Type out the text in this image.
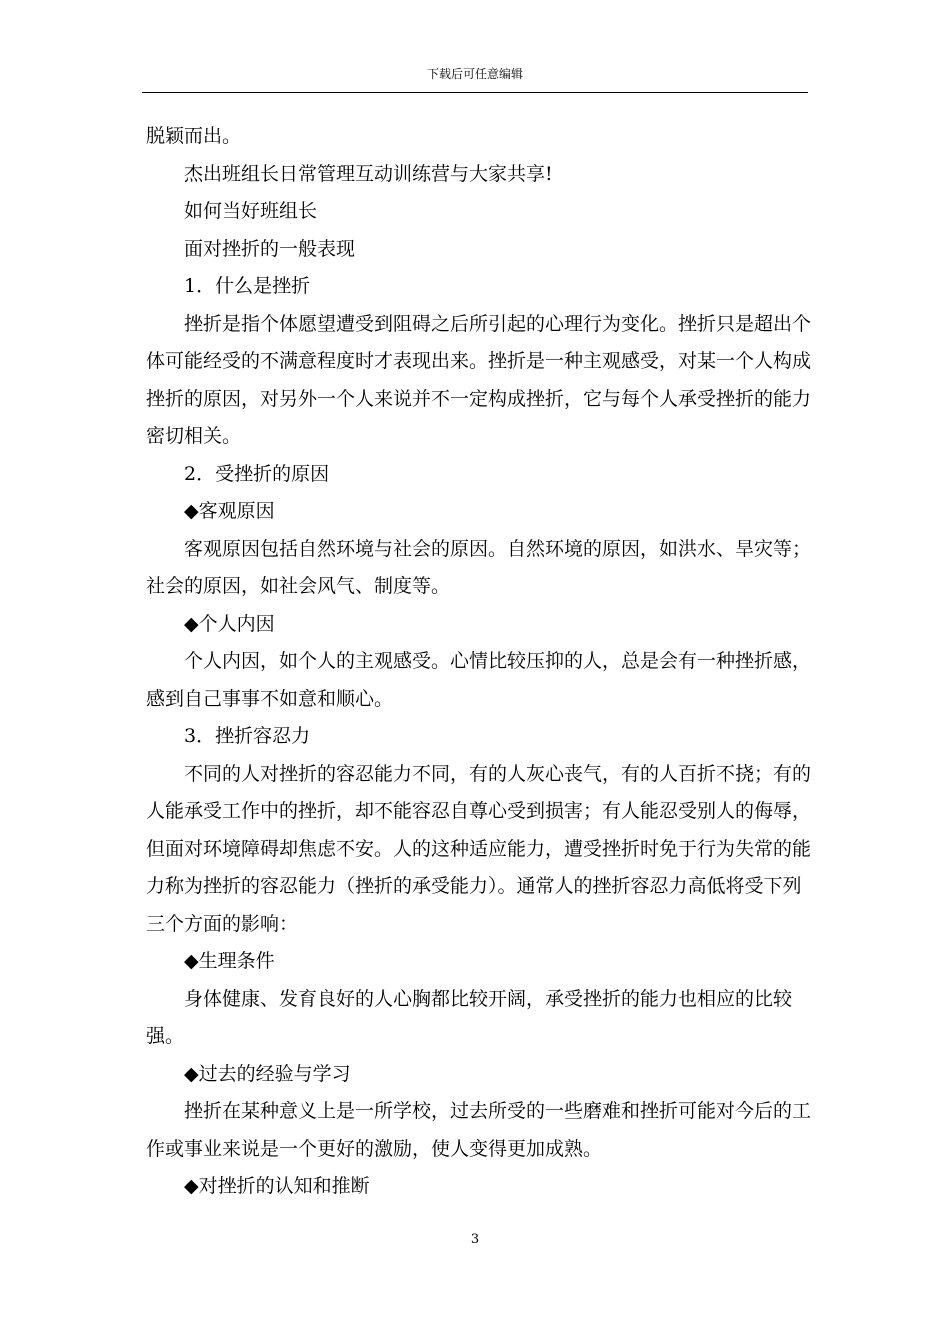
下载后可任意编辑

脱颖而出。

杰出班组长日常管理互动训练营与大家共享!

如何当好班组长

面对挫折的一般表现

1．什么是挫折

挫折是指个体愿望遭受到阻碍之后所引起的心理行为变化。挫折只是超出个体可能经受的不满意程度时才表现出来。挫折是一种主观感受，对某一个人构成挫折的原因，对另外一个人来说并不一定构成挫折，它与每个人承受挫折的能力密切相关。

2．受挫折的原因

◆客观原因

客观原因包括自然环境与社会的原因。自然环境的原因，如洪水、旱灾等；社会的原因，如社会风气、制度等。

◆个人内因

个人内因，如个人的主观感受。心情比较压抑的人，总是会有一种挫折感，感到自己事事不如意和顺心。

3．挫折容忍力

不同的人对挫折的容忍能力不同，有的人灰心丧气，有的人百折不挠；有的人能承受工作中的挫折，却不能容忍自尊心受到损害；有人能忍受别人的侮辱，但面对环境障碍却焦虑不安。人的这种适应能力，遭受挫折时免于行为失常的能力称为挫折的容忍能力（挫折的承受能力）。通常人的挫折容忍力高低将受下列三个方面的影响：

◆生理条件

身体健康、发育良好的人心胸都比较开阔，承受挫折的能力也相应的比较强。

◆过去的经验与学习

挫折在某种意义上是一所学校，过去所受的一些磨难和挫折可能对今后的工作或事业来说是一个更好的激励，使人变得更加成熟。

◆对挫折的认知和推断

3
